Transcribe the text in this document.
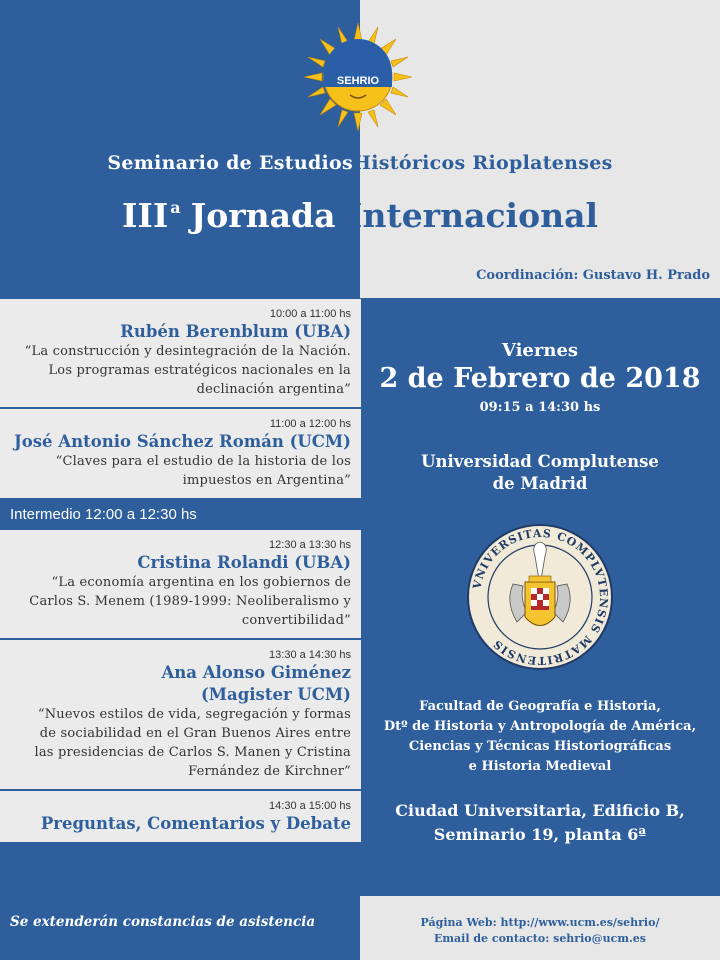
SEHRIO
Seminario de EstudiosHistóricos Rioplatenses
III $^a$ Jornada Internacional
Coordinación: Gustavo H. Prado
10:00 a 11:00 hs
Rubén Berenblum (UBA)
“La construcción y desintegración de la Nación.
Los programas estratégicos nacionales en la
declinación argentina”
11:00 a 12:00 hs
José Antonio Sánchez Román (UCM)
“Claves para el estudio de la historia de los
impuestos en Argentina”
Intermedio 12:00 a 12:30 hs
12:30 a 13:30 hs
Cristina Rolandi (UBA)
“La economía argentina en los gobiernos de
Carlos S. Menem (1989-1999: Neoliberalismo y
convertibilidad”
13:30 a 14:30 hs
Ana Alonso Giménez
(Magister UCM)
“Nuevos estilos de vida, segregación y formas
de sociabilidad en el Gran Buenos Aires entre
las presidencias de Carlos S. Manen y Cristina
Fernández de Kirchner”
14:30 a 15:00 hs
Preguntas, Comentarios y Debate
Viernes
2 de Febrero de 2018
09:15 a 14:30 hs
Universidad Complutense
de Madrid
VNIVERSITAS COMPLVTENSIS MATRITENSIS
Facultad de Geografía e Historia,
Dtº de Historia y Antropología de América,
Ciencias y Técnicas Historiográficas
e Historia Medieval
Ciudad Universitaria, Edificio B,
Seminario 19, planta 6ª
Se extenderán constancias de asistencia	Página Web: http://www.ucm.es/sehrio/
Email de contacto: sehrio@ucm.es
